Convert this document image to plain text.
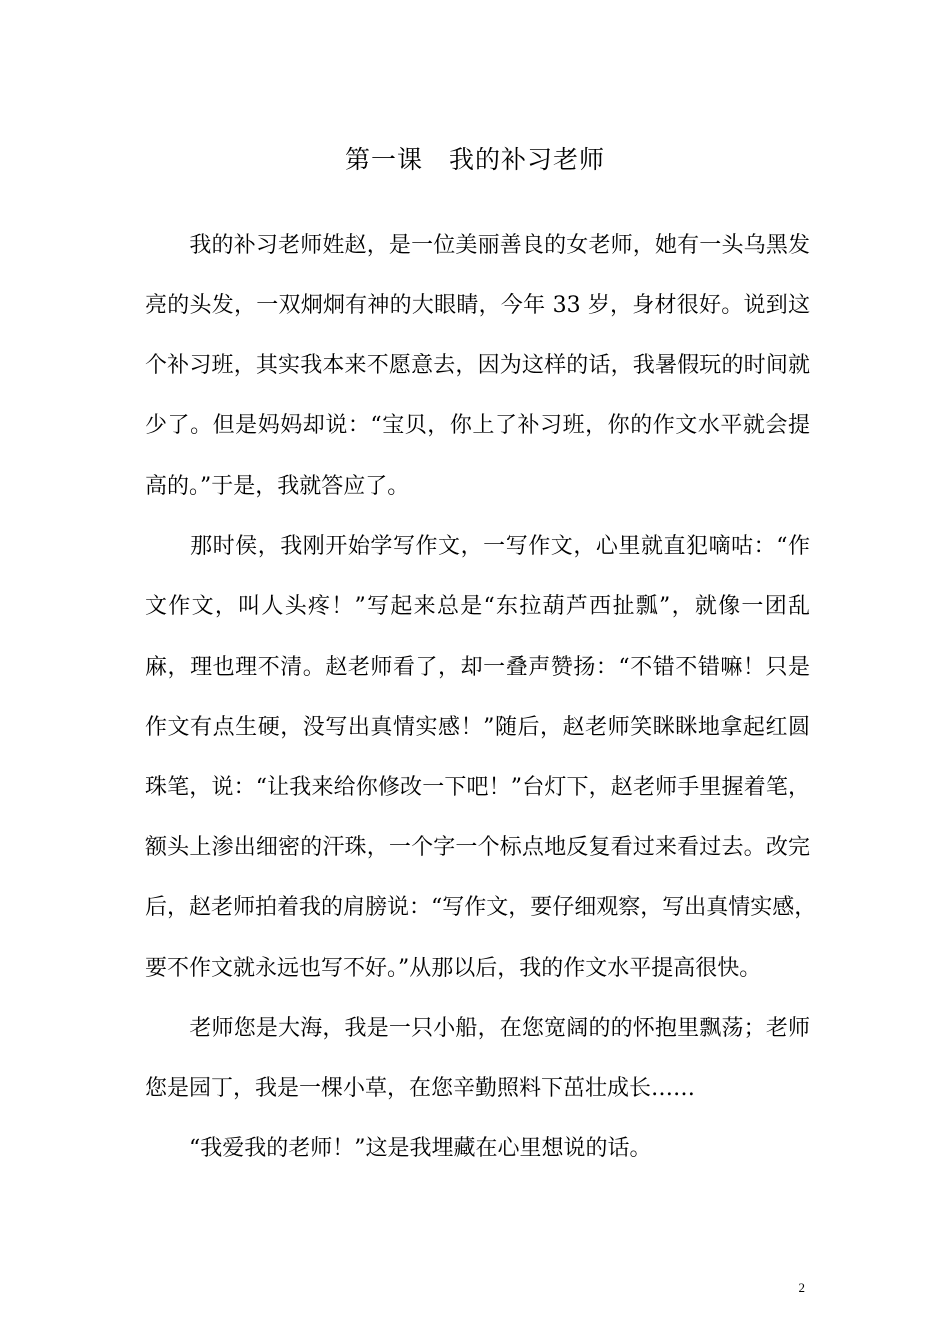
第一课　我的补习老师
　　我的补习老师姓赵，是一位美丽善良的女老师，她有一头乌黑发
亮的头发，一双炯炯有神的大眼睛，今年 33 岁，身材很好。说到这
个补习班，其实我本来不愿意去，因为这样的话，我暑假玩的时间就
少了。但是妈妈却说：“宝贝，你上了补习班，你的作文水平就会提
高的。”于是，我就答应了。
　　那时侯，我刚开始学写作文，一写作文，心里就直犯嘀咕：“作
文作文，叫人头疼！”写起来总是“东拉葫芦西扯瓢”，就像一团乱
麻，理也理不清。赵老师看了，却一叠声赞扬：“不错不错嘛！只是
作文有点生硬，没写出真情实感！”随后，赵老师笑眯眯地拿起红圆
珠笔，说：“让我来给你修改一下吧！”台灯下，赵老师手里握着笔，
额头上渗出细密的汗珠，一个字一个标点地反复看过来看过去。改完
后，赵老师拍着我的肩膀说：“写作文，要仔细观察，写出真情实感，
要不作文就永远也写不好。”从那以后，我的作文水平提高很快。
　　老师您是大海，我是一只小船，在您宽阔的的怀抱里飘荡；老师
您是园丁，我是一棵小草，在您辛勤照料下茁壮成长……
　　“我爱我的老师！”这是我埋藏在心里想说的话。
2
